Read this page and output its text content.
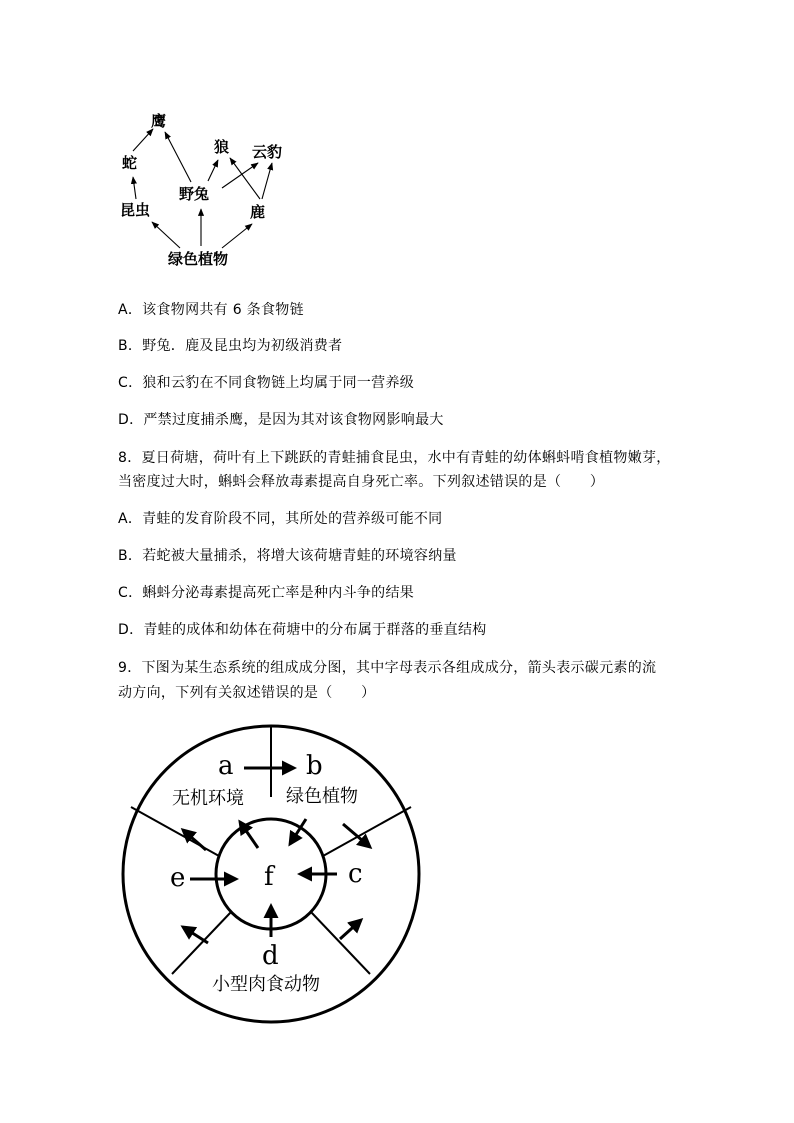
鹰
蛇
狼 云豹
野兔
昆虫	鹿
绿色植物
A．该食物网共有 6 条食物链
B．野兔．鹿及昆虫均为初级消费者
C．狼和云豹在不同食物链上均属于同一营养级
D．严禁过度捕杀鹰，是因为其对该食物网影响最大
8．夏日荷塘，荷叶有上下跳跃的青蛙捕食昆虫，水中有青蛙的幼体蝌蚪啃食植物嫩芽，
当密度过大时，蝌蚪会释放毒素提高自身死亡率。下列叙述错误的是（　　）
A．青蛙的发育阶段不同，其所处的营养级可能不同
B．若蛇被大量捕杀，将增大该荷塘青蛙的环境容纳量
C．蝌蚪分泌毒素提高死亡率是种内斗争的结果
D．青蛙的成体和幼体在荷塘中的分布属于群落的垂直结构
9．下图为某生态系统的组成成分图，其中字母表示各组成成分，箭头表示碳元素的流
动方向，下列有关叙述错误的是（　　）
a	b
c
d
e	f
无机环境 绿色植物
小型肉食动物
